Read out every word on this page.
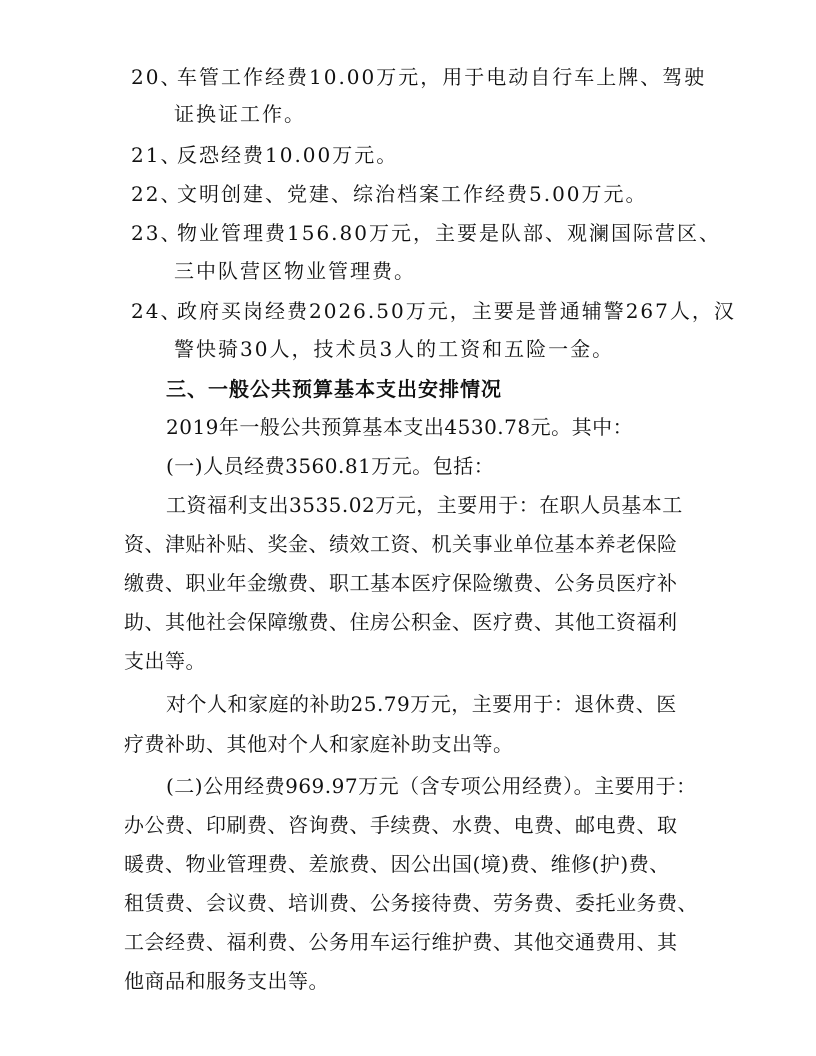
20、车管工作经费10.00万元，用于电动自行车上牌、驾驶
证换证工作。
21、反恐经费10.00万元。
22、文明创建、党建、综治档案工作经费5.00万元。
23、物业管理费156.80万元，主要是队部、观澜国际营区、
三中队营区物业管理费。
24、政府买岗经费2026.50万元，主要是普通辅警267人，汉
警快骑30人，技术员3人的工资和五险一金。
三、一般公共预算基本支出安排情况
2019年一般公共预算基本支出4530.78元。其中：
(一)人员经费3560.81万元。包括：
工资福利支出3535.02万元，主要用于：在职人员基本工
资、津贴补贴、奖金、绩效工资、机关事业单位基本养老保险
缴费、职业年金缴费、职工基本医疗保险缴费、公务员医疗补
助、其他社会保障缴费、住房公积金、医疗费、其他工资福利
支出等。
对个人和家庭的补助25.79万元，主要用于：退休费、医
疗费补助、其他对个人和家庭补助支出等。
(二)公用经费969.97万元（含专项公用经费）。主要用于：
办公费、印刷费、咨询费、手续费、水费、电费、邮电费、取
暖费、物业管理费、差旅费、因公出国(境)费、维修(护)费、
租赁费、会议费、培训费、公务接待费、劳务费、委托业务费、
工会经费、福利费、公务用车运行维护费、其他交通费用、其
他商品和服务支出等。
